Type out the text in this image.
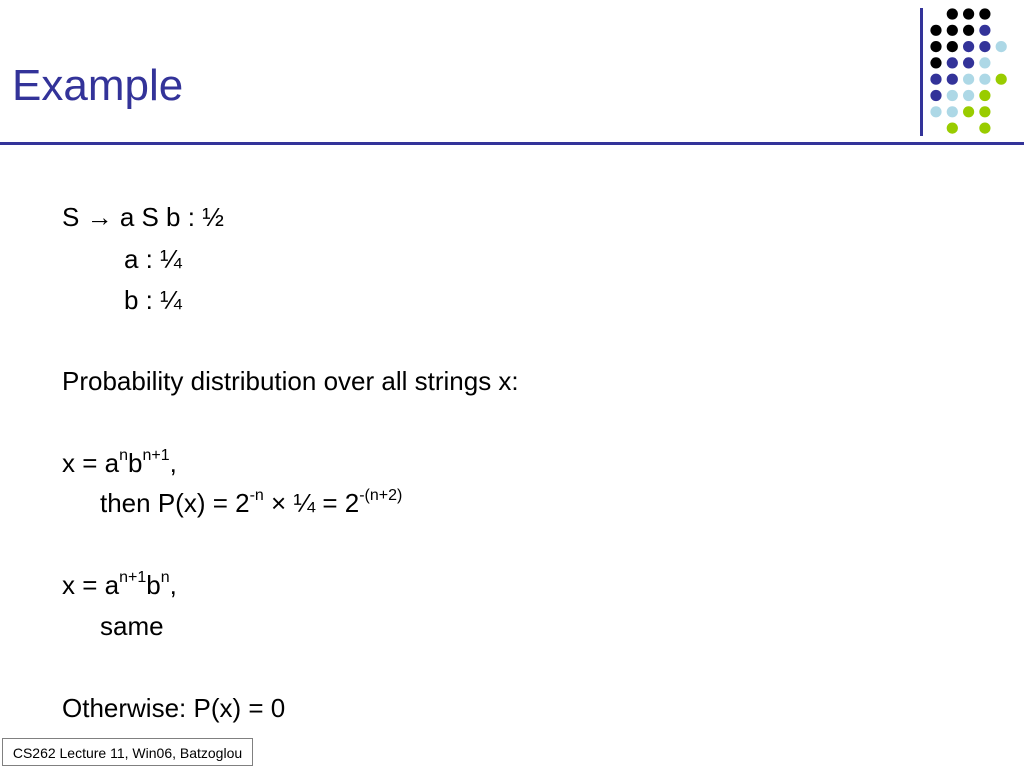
Example
S → a S b : ½
a : ¼
b : ¼
Probability distribution over all strings x:
$x = a^nb^{n+1}$,
then $P(x) = 2^{-n}$ × ¼ = $2^{-(n+2)}$
$x = a^{n+1}b^n$,
same
Otherwise: P(x) = 0
CS262 Lecture 11, Win06, Batzoglou
